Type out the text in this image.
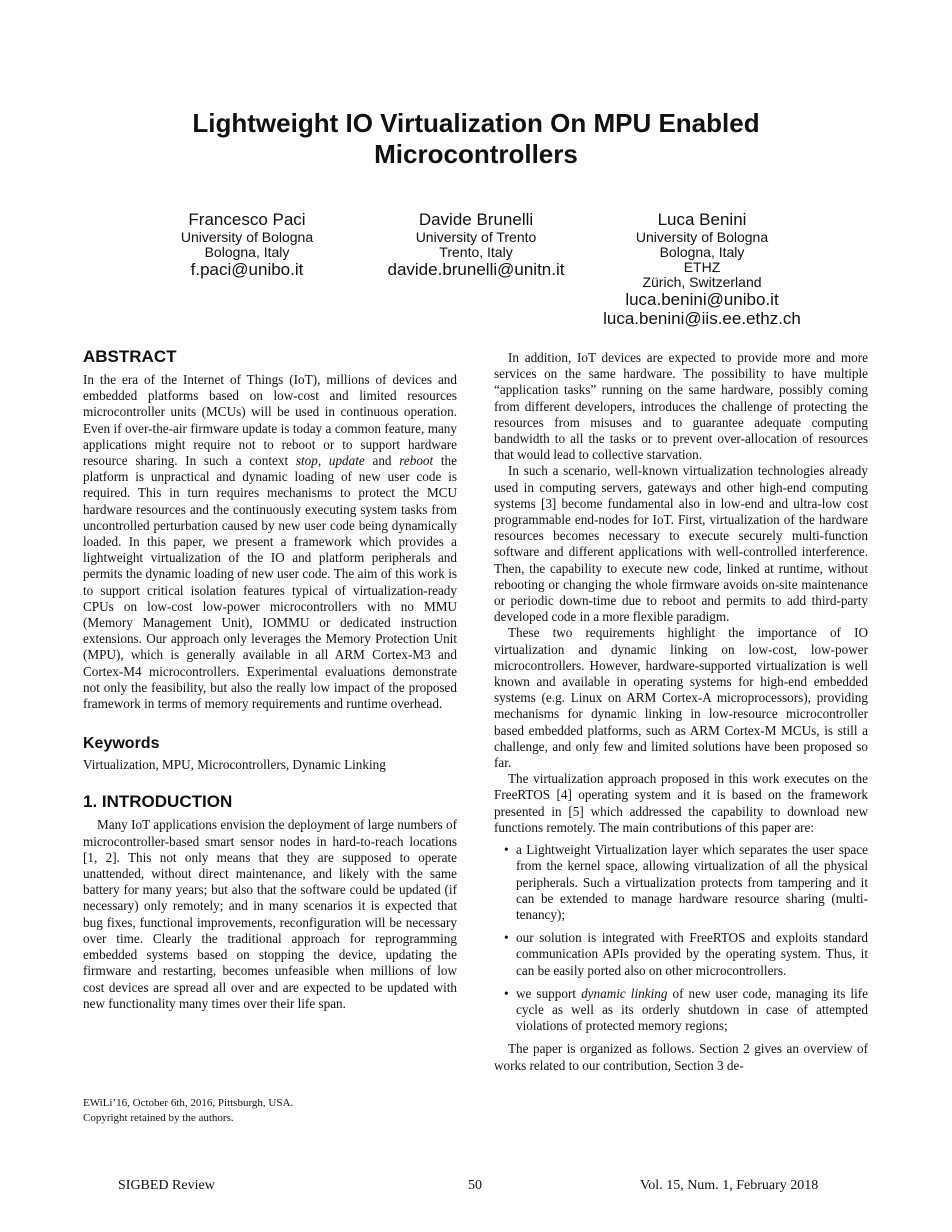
Lightweight IO Virtualization On MPU Enabled
Microcontrollers
Francesco Paci
University of Bologna
Bologna, Italy
f.paci@unibo.it
Davide Brunelli
University of Trento
Trento, Italy
davide.brunelli@unitn.it
Luca Benini
University of Bologna
Bologna, Italy
ETHZ
Zürich, Switzerland
luca.benini@unibo.it
luca.benini@iis.ee.ethz.ch
ABSTRACT

In the era of the Internet of Things (IoT), millions of devices and embedded platforms based on low-cost and limited resources microcontroller units (MCUs) will be used in continuous operation. Even if over-the-air firmware update is today a common feature, many applications might require not to reboot or to support hardware resource sharing. In such a context stop, update and reboot the platform is unpractical and dynamic loading of new user code is required. This in turn requires mechanisms to protect the MCU hardware resources and the continuously executing system tasks from uncontrolled perturbation caused by new user code being dynamically loaded. In this paper, we present a framework which provides a lightweight virtualization of the IO and platform peripherals and permits the dynamic loading of new user code. The aim of this work is to support critical isolation features typical of virtualization-ready CPUs on low-cost low-power microcontrollers with no MMU (Memory Management Unit), IOMMU or dedicated instruction extensions. Our approach only leverages the Memory Protection Unit (MPU), which is generally available in all ARM Cortex-M3 and Cortex-M4 microcontrollers. Experimental evaluations demonstrate not only the feasibility, but also the really low impact of the proposed framework in terms of memory requirements and runtime overhead.

Keywords

Virtualization, MPU, Microcontrollers, Dynamic Linking

1. INTRODUCTION

Many IoT applications envision the deployment of large numbers of microcontroller-based smart sensor nodes in hard-to-reach locations [1, 2]. This not only means that they are supposed to operate unattended, without direct maintenance, and likely with the same battery for many years; but also that the software could be updated (if necessary) only remotely; and in many scenarios it is expected that bug fixes, functional improvements, reconfiguration will be necessary over time. Clearly the traditional approach for reprogramming embedded systems based on stopping the device, updating the firmware and restarting, becomes unfeasible when millions of low cost devices are spread all over and are expected to be updated with new functionality many times over their life span.

EWiLi’16, October 6th, 2016, Pittsburgh, USA.
Copyright retained by the authors.

In addition, IoT devices are expected to provide more and more services on the same hardware. The possibility to have multiple “application tasks” running on the same hardware, possibly coming from different developers, introduces the challenge of protecting the resources from misuses and to guarantee adequate computing bandwidth to all the tasks or to prevent over-allocation of resources that would lead to collective starvation.

In such a scenario, well-known virtualization technologies already used in computing servers, gateways and other high-end computing systems [3] become fundamental also in low-end and ultra-low cost programmable end-nodes for IoT. First, virtualization of the hardware resources becomes necessary to execute securely multi-function software and different applications with well-controlled interference. Then, the capability to execute new code, linked at runtime, without rebooting or changing the whole firmware avoids on-site maintenance or periodic down-time due to reboot and permits to add third-party developed code in a more flexible paradigm.

These two requirements highlight the importance of IO virtualization and dynamic linking on low-cost, low-power microcontrollers. However, hardware-supported virtualization is well known and available in operating systems for high-end embedded systems (e.g. Linux on ARM Cortex-A microprocessors), providing mechanisms for dynamic linking in low-resource microcontroller based embedded platforms, such as ARM Cortex-M MCUs, is still a challenge, and only few and limited solutions have been proposed so far.

The virtualization approach proposed in this work executes on the FreeRTOS [4] operating system and it is based on the framework presented in [5] which addressed the capability to download new functions remotely. The main contributions of this paper are:

• a Lightweight Virtualization layer which separates the user space from the kernel space, allowing virtualization of all the physical peripherals. Such a virtualization protects from tampering and it can be extended to manage hardware resource sharing (multi-tenancy);
• our solution is integrated with FreeRTOS and exploits standard communication APIs provided by the operating system. Thus, it can be easily ported also on other microcontrollers.
• we support dynamic linking of new user code, managing its life cycle as well as its orderly shutdown in case of attempted violations of protected memory regions;

The paper is organized as follows. Section 2 gives an overview of works related to our contribution, Section 3 de-

SIGBED Review	50	Vol. 15, Num. 1, February 2018
